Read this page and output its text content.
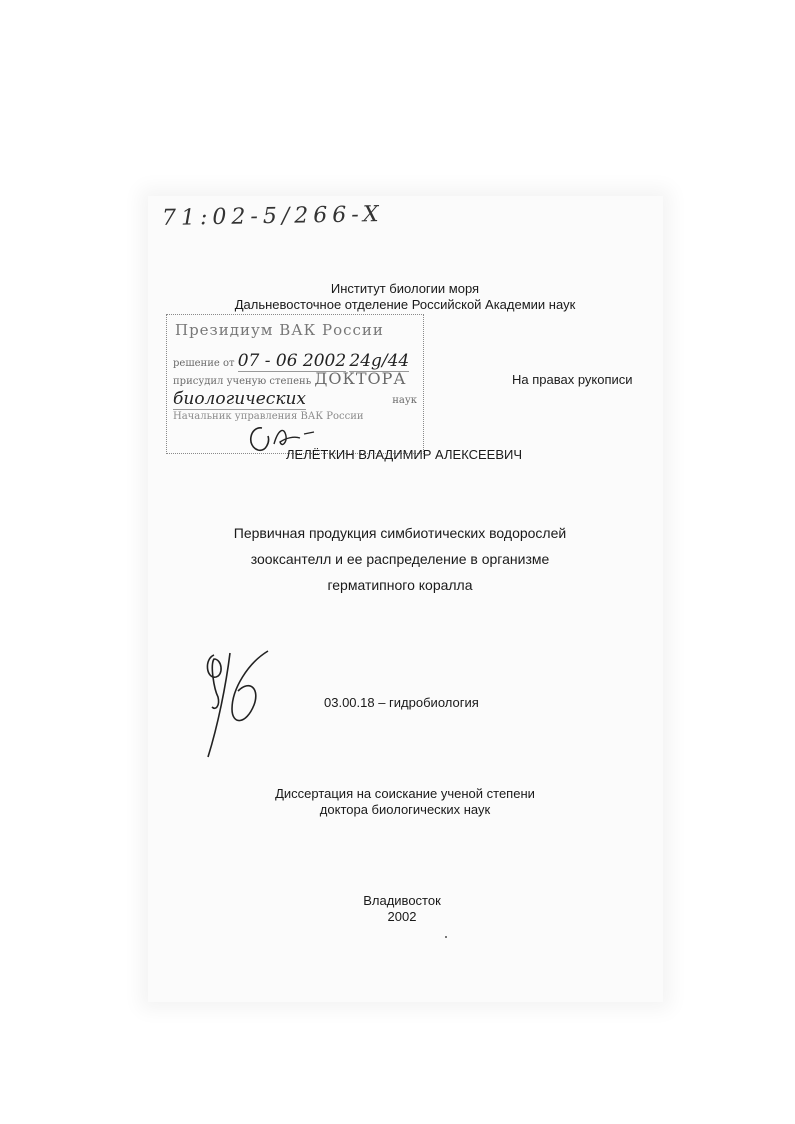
71:02-5/266-X
Институт биологии моря
Дальневосточное отделение Российской Академии наук
Президиум ВАК России
решение от 07 - 06 2002 24g/44
присудил ученую степень ДОКТОРА
биологических	наук
Начальник управления ВАК России
На правах рукописи
ЛЕЛЁТКИН ВЛАДИМИР АЛЕКСЕЕВИЧ
Первичная продукция симбиотических водорослей
зооксантелл и ее распределение в организме
герматипного коралла
03.00.18 – гидробиология
Диссертация на соискание ученой степени
доктора биологических наук
Владивосток
2002
